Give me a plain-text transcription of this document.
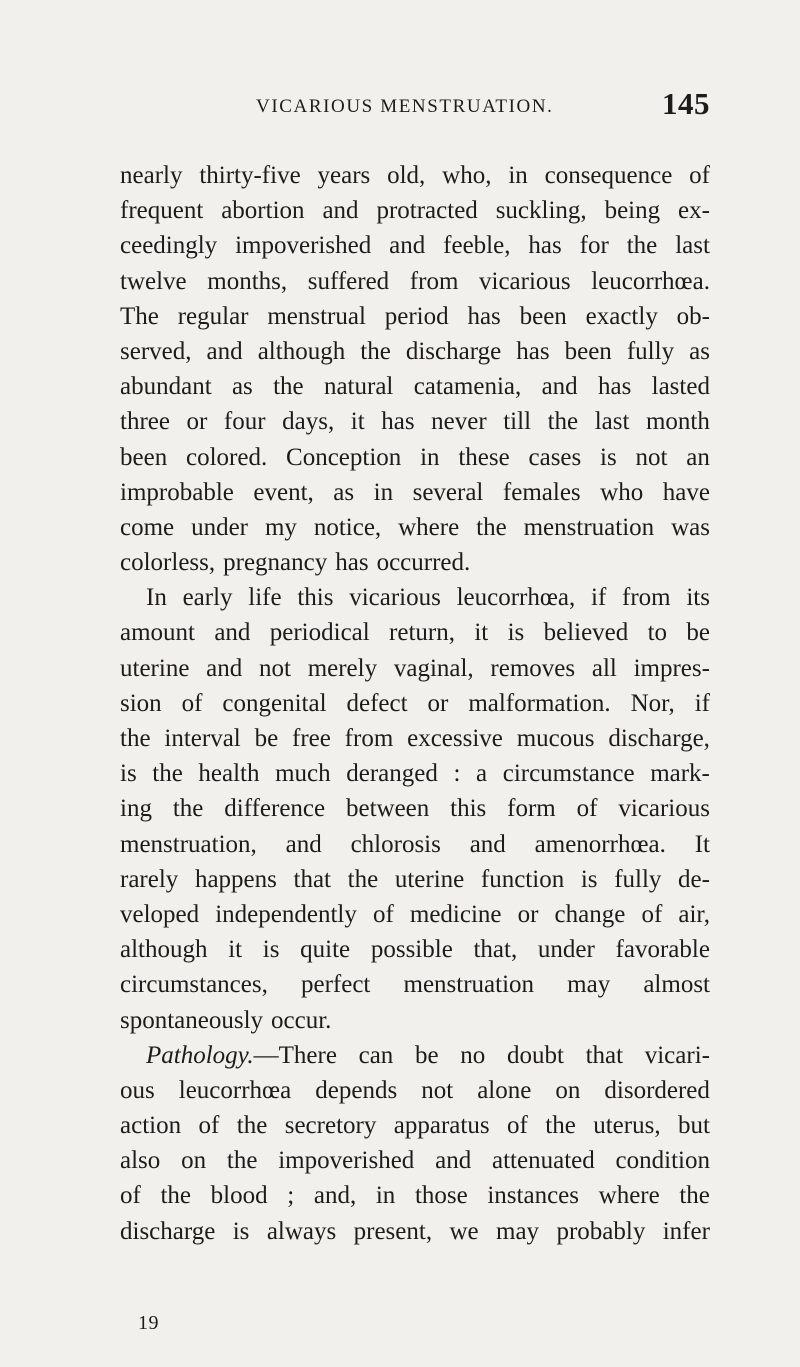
VICARIOUS MENSTRUATION.	145
nearly thirty-five years old, who, in consequence of
frequent abortion and protracted suckling, being ex-
ceedingly impoverished and feeble, has for the last
twelve months, suffered from vicarious leucorrhœa.
The regular menstrual period has been exactly ob-
served, and although the discharge has been fully as
abundant as the natural catamenia, and has lasted
three or four days, it has never till the last month
been colored. Conception in these cases is not an
improbable event, as in several females who have
come under my notice, where the menstruation was
colorless, pregnancy has occurred.
In early life this vicarious leucorrhœa, if from its
amount and periodical return, it is believed to be
uterine and not merely vaginal, removes all impres-
sion of congenital defect or malformation. Nor, if
the interval be free from excessive mucous discharge,
is the health much deranged : a circumstance mark-
ing the difference between this form of vicarious
menstruation, and chlorosis and amenorrhœa. It
rarely happens that the uterine function is fully de-
veloped independently of medicine or change of air,
although it is quite possible that, under favorable
circumstances, perfect menstruation may almost
spontaneously occur.
Pathology.—There can be no doubt that vicari-
ous leucorrhœa depends not alone on disordered
action of the secretory apparatus of the uterus, but
also on the impoverished and attenuated condition
of the blood ; and, in those instances where the
discharge is always present, we may probably infer
19
